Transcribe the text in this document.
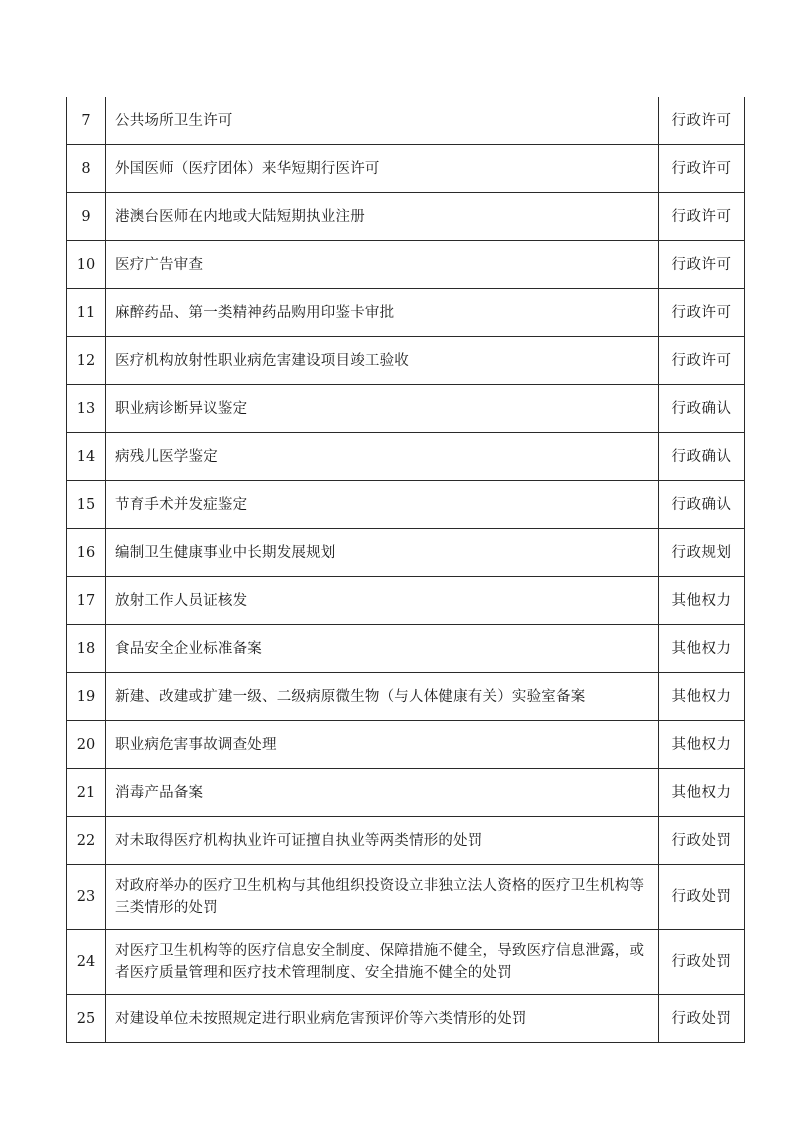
7	公共场所卫生许可	行政许可
8	外国医师（医疗团体）来华短期行医许可	行政许可
9	港澳台医师在内地或大陆短期执业注册	行政许可
10	医疗广告审查	行政许可
11	麻醉药品、第一类精神药品购用印鉴卡审批	行政许可
12	医疗机构放射性职业病危害建设项目竣工验收	行政许可
13	职业病诊断异议鉴定	行政确认
14	病残儿医学鉴定	行政确认
15	节育手术并发症鉴定	行政确认
16	编制卫生健康事业中长期发展规划	行政规划
17	放射工作人员证核发	其他权力
18	食品安全企业标准备案	其他权力
19	新建、改建或扩建一级、二级病原微生物（与人体健康有关）实验室备案	其他权力
20	职业病危害事故调查处理	其他权力
21	消毒产品备案	其他权力
22	对未取得医疗机构执业许可证擅自执业等两类情形的处罚	行政处罚
23	对政府举办的医疗卫生机构与其他组织投资设立非独立法人资格的医疗卫生机构等三类情形的处罚	行政处罚
24	对医疗卫生机构等的医疗信息安全制度、保障措施不健全，导致医疗信息泄露，或者医疗质量管理和医疗技术管理制度、安全措施不健全的处罚	行政处罚
25	对建设单位未按照规定进行职业病危害预评价等六类情形的处罚	行政处罚
